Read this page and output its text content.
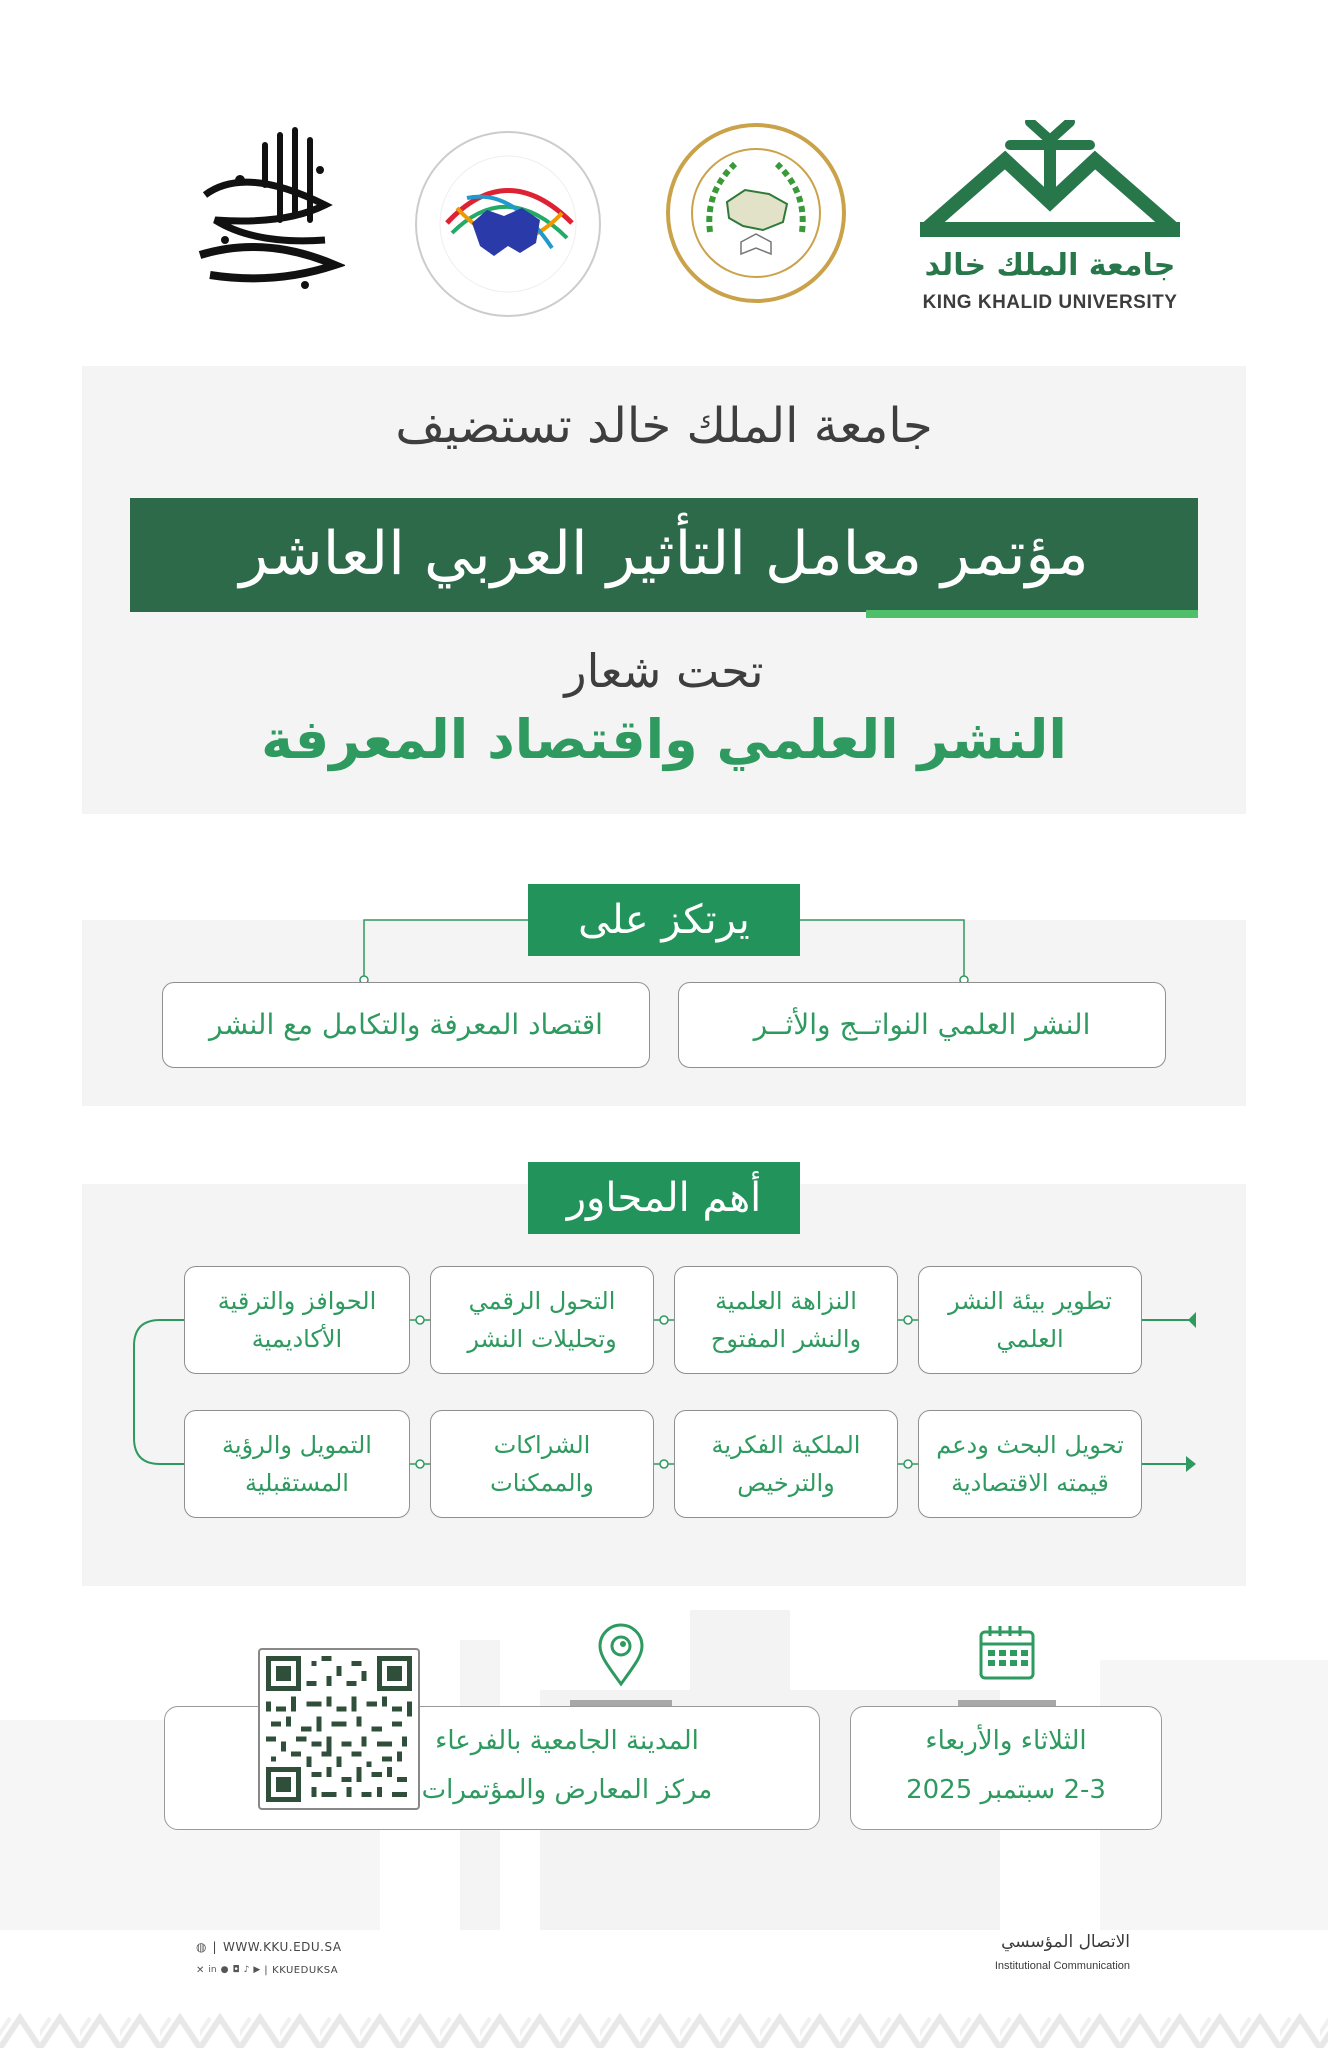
جامعة الملك خالد
KING KHALID UNIVERSITY
جامعة الملك خالد تستضيف
مؤتمر معامل التأثير العربي العاشر
تحت شعار
النشر العلمي واقتصاد المعرفة
يرتكز على
النشر العلمي النواتــج والأثــر
اقتصاد المعرفة والتكامل مع النشر
أهم المحاور
تطوير بيئة النشر
العلمي
النزاهة العلمية
والنشر المفتوح
التحول الرقمي
وتحليلات النشر
الحوافز والترقية
الأكاديمية
تحويل البحث ودعم
قيمته الاقتصادية
الملكية الفكرية
والترخيص
الشراكات
والممكنات
التمويل والرؤية
المستقبلية
الثلاثاء والأربعاء
2-3 سبتمبر 2025
المدينة الجامعية بالفرعاء
مركز المعارض والمؤتمرات
◍ | WWW.KKU.EDU.SA
✕ in ● ◘ ♪ ▶ | KKUEDUKSA
الاتصال المؤسسي
Institutional Communication
